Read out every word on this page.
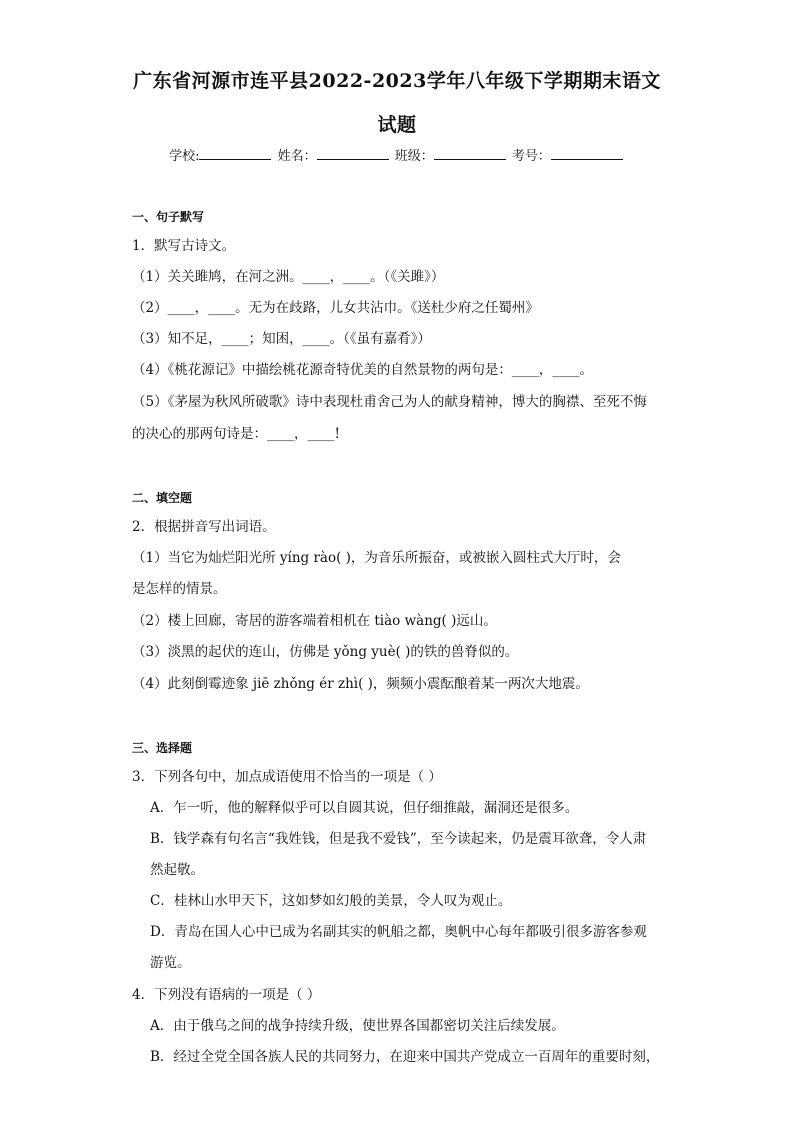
广东省河源市连平县2022-2023学年八年级下学期期末语文
试题
学校:	姓名：	班级：	考号：
一、句子默写
1．默写古诗文。
（1）关关雎鸠，在河之洲。____，____。（《关雎》）
（2）____，____。无为在歧路，儿女共沾巾。《送杜少府之任蜀州》
（3）知不足，____；知困，____。（《虽有嘉肴》）
（4）《桃花源记》中描绘桃花源奇特优美的自然景物的两句是：____，____。
（5）《茅屋为秋风所破歌》诗中表现杜甫舍己为人的献身精神，博大的胸襟、至死不悔
的决心的那两句诗是：____，____!
二、填空题
2．根据拼音写出词语。
（1）当它为灿烂阳光所 yíng rào( )，为音乐所振奋，或被嵌入圆柱式大厅时，会
是怎样的情景。
（2）楼上回廊，寄居的游客端着相机在 tiào wàng( )远山。
（3）淡黑的起伏的连山，仿佛是 yǒng yuè( )的铁的兽脊似的。
（4）此刻倒霉迹象 jiē zhǒng ér zhì( )，频频小震酝酿着某一两次大地震。
三、选择题
3．下列各句中，加点成语使用不恰当的一项是（ ）
A．乍一听，他的解释似乎可以自圆其说，但仔细推敲，漏洞还是很多。
B．钱学森有句名言“我姓钱，但是我不爱钱”，至今读起来，仍是震耳欲聋，令人肃
然起敬。
C．桂林山水甲天下，这如梦如幻般的美景，令人叹为观止。
D．青岛在国人心中已成为名副其实的帆船之都，奥帆中心每年都吸引很多游客参观
游览。
4．下列没有语病的一项是（ ）
A．由于俄乌之间的战争持续升级，使世界各国都密切关注后续发展。
B．经过全党全国各族人民的共同努力，在迎来中国共产党成立一百周年的重要时刻，
